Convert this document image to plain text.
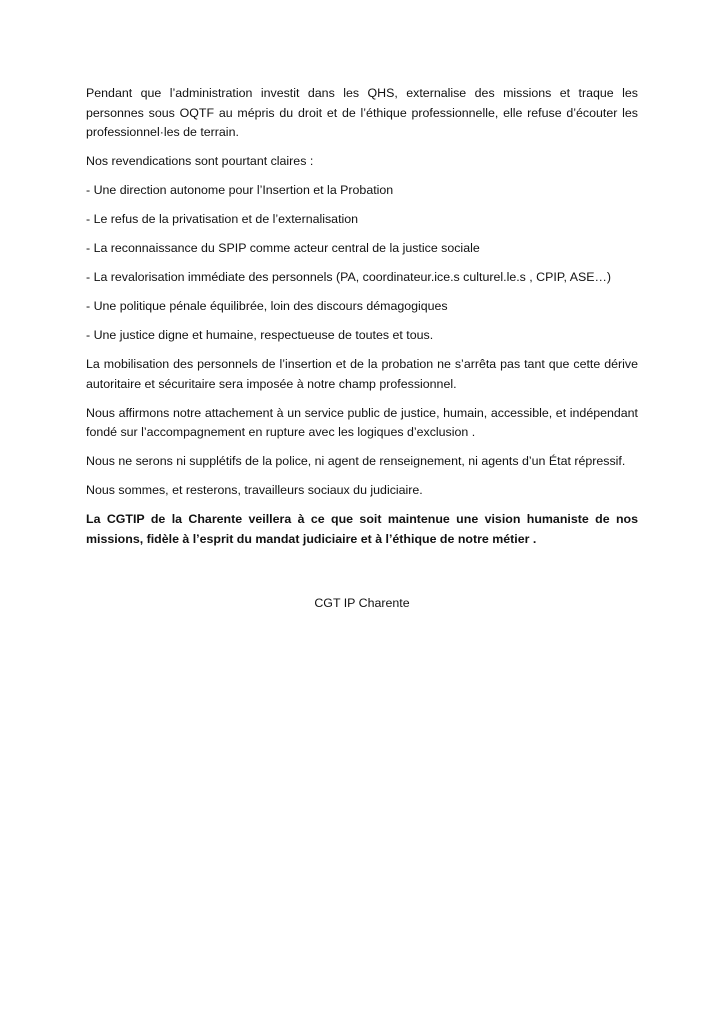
Pendant que l’administration investit dans les QHS, externalise des missions et traque les personnes sous OQTF au mépris du droit et de l’éthique professionnelle, elle refuse d’écouter les professionnel·les de terrain.

Nos revendications sont pourtant claires :

- Une direction autonome pour l’Insertion et la Probation

- Le refus de la privatisation et de l’externalisation

- La reconnaissance du SPIP comme acteur central de la justice sociale

- La revalorisation immédiate des personnels (PA, coordinateur.ice.s culturel.le.s , CPIP, ASE…)

- Une politique pénale équilibrée, loin des discours démagogiques

- Une justice digne et humaine, respectueuse de toutes et tous.

La mobilisation des personnels de l’insertion et de la probation ne s’arrêta pas tant que cette dérive autoritaire et sécuritaire sera imposée à notre champ professionnel.

Nous affirmons notre attachement à un service public de justice, humain, accessible, et indépendant fondé sur l’accompagnement en rupture avec les logiques d’exclusion .

Nous ne serons ni supplétifs de la police, ni agent de renseignement, ni agents d’un État répressif.

Nous sommes, et resterons, travailleurs sociaux du judiciaire.

La CGTIP de la Charente veillera à ce que soit maintenue une vision humaniste de nos missions, fidèle à l’esprit du mandat judiciaire et à l’éthique de notre métier .

CGT IP Charente
